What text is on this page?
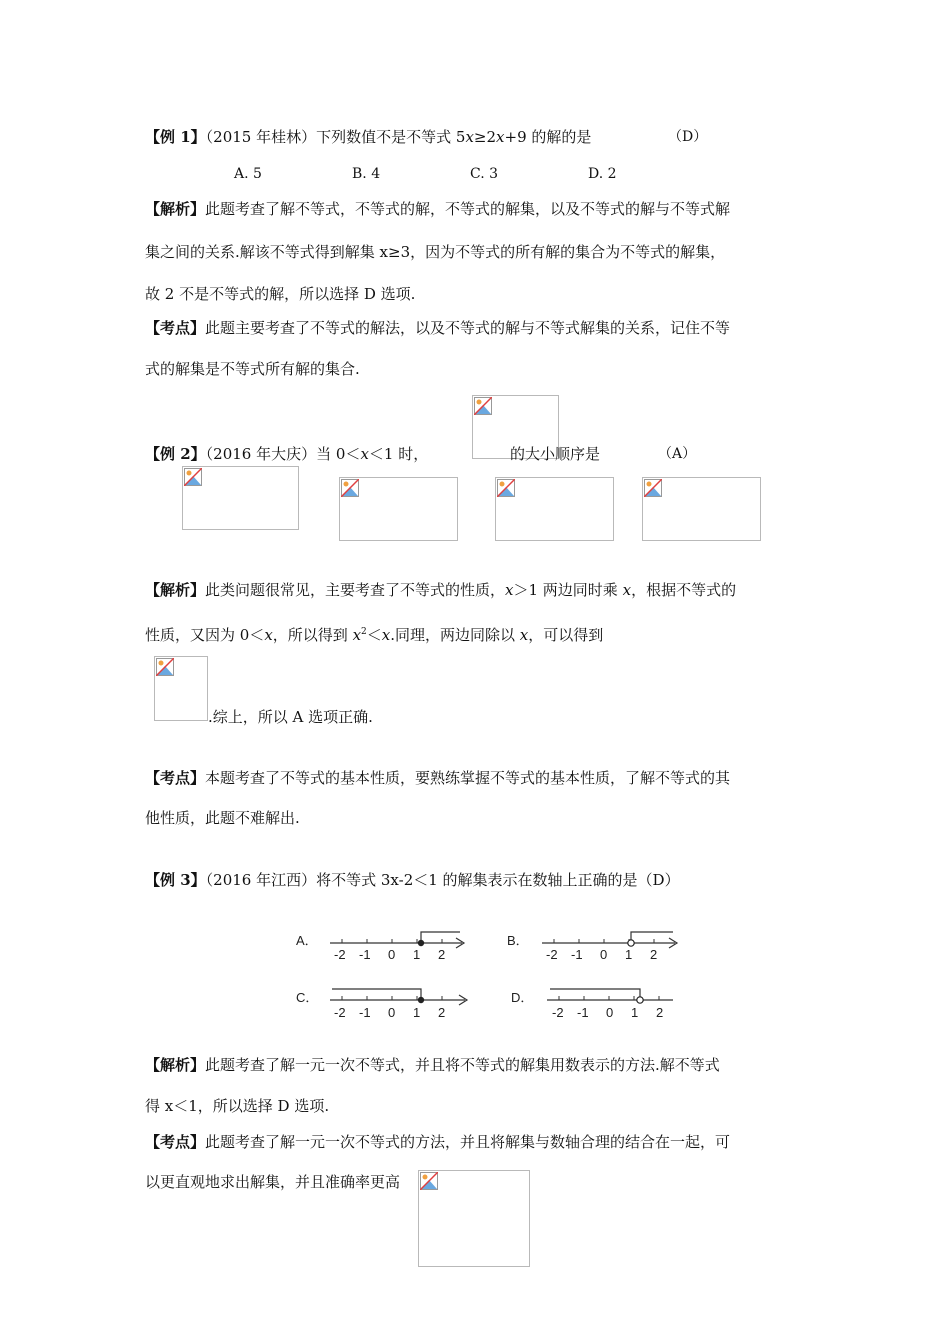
【例 1】（2015 年桂林）下列数值不是不等式 5x≥2x+9 的解的是	（D）
A. 5	B. 4	C. 3	D. 2
【解析】此题考查了解不等式，不等式的解，不等式的解集，以及不等式的解与不等式解
集之间的关系.解该不等式得到解集 x≥3，因为不等式的所有解的集合为不等式的解集，
故 2 不是不等式的解，所以选择 D 选项.
【考点】此题主要考查了不等式的解法，以及不等式的解与不等式解集的关系，记住不等
式的解集是不等式所有解的集合.
【例 2】（2016 年大庆）当 0＜x＜1 时，	的大小顺序是	（A）
【解析】此类问题很常见，主要考查了不等式的性质，x＞1 两边同时乘 x，根据不等式的
性质，又因为 0＜x，所以得到 $x^2<x$.同理，两边同除以 x，可以得到
.综上，所以 A 选项正确.
【考点】本题考查了不等式的基本性质，要熟练掌握不等式的基本性质，了解不等式的其
他性质，此题不难解出.
【例 3】（2016 年江西）将不等式 3x-2＜1 的解集表示在数轴上正确的是（D）
A．
-2 -1 0 1 2
B．
-2 -1 0 1 2
C．
-2 -1 0 1 2
D．
-2 -1 0 1 2
【解析】此题考查了解一元一次不等式，并且将不等式的解集用数表示的方法.解不等式
得 x＜1，所以选择 D 选项.
【考点】此题考查了解一元一次不等式的方法，并且将解集与数轴合理的结合在一起，可
以更直观地求出解集，并且准确率更高
